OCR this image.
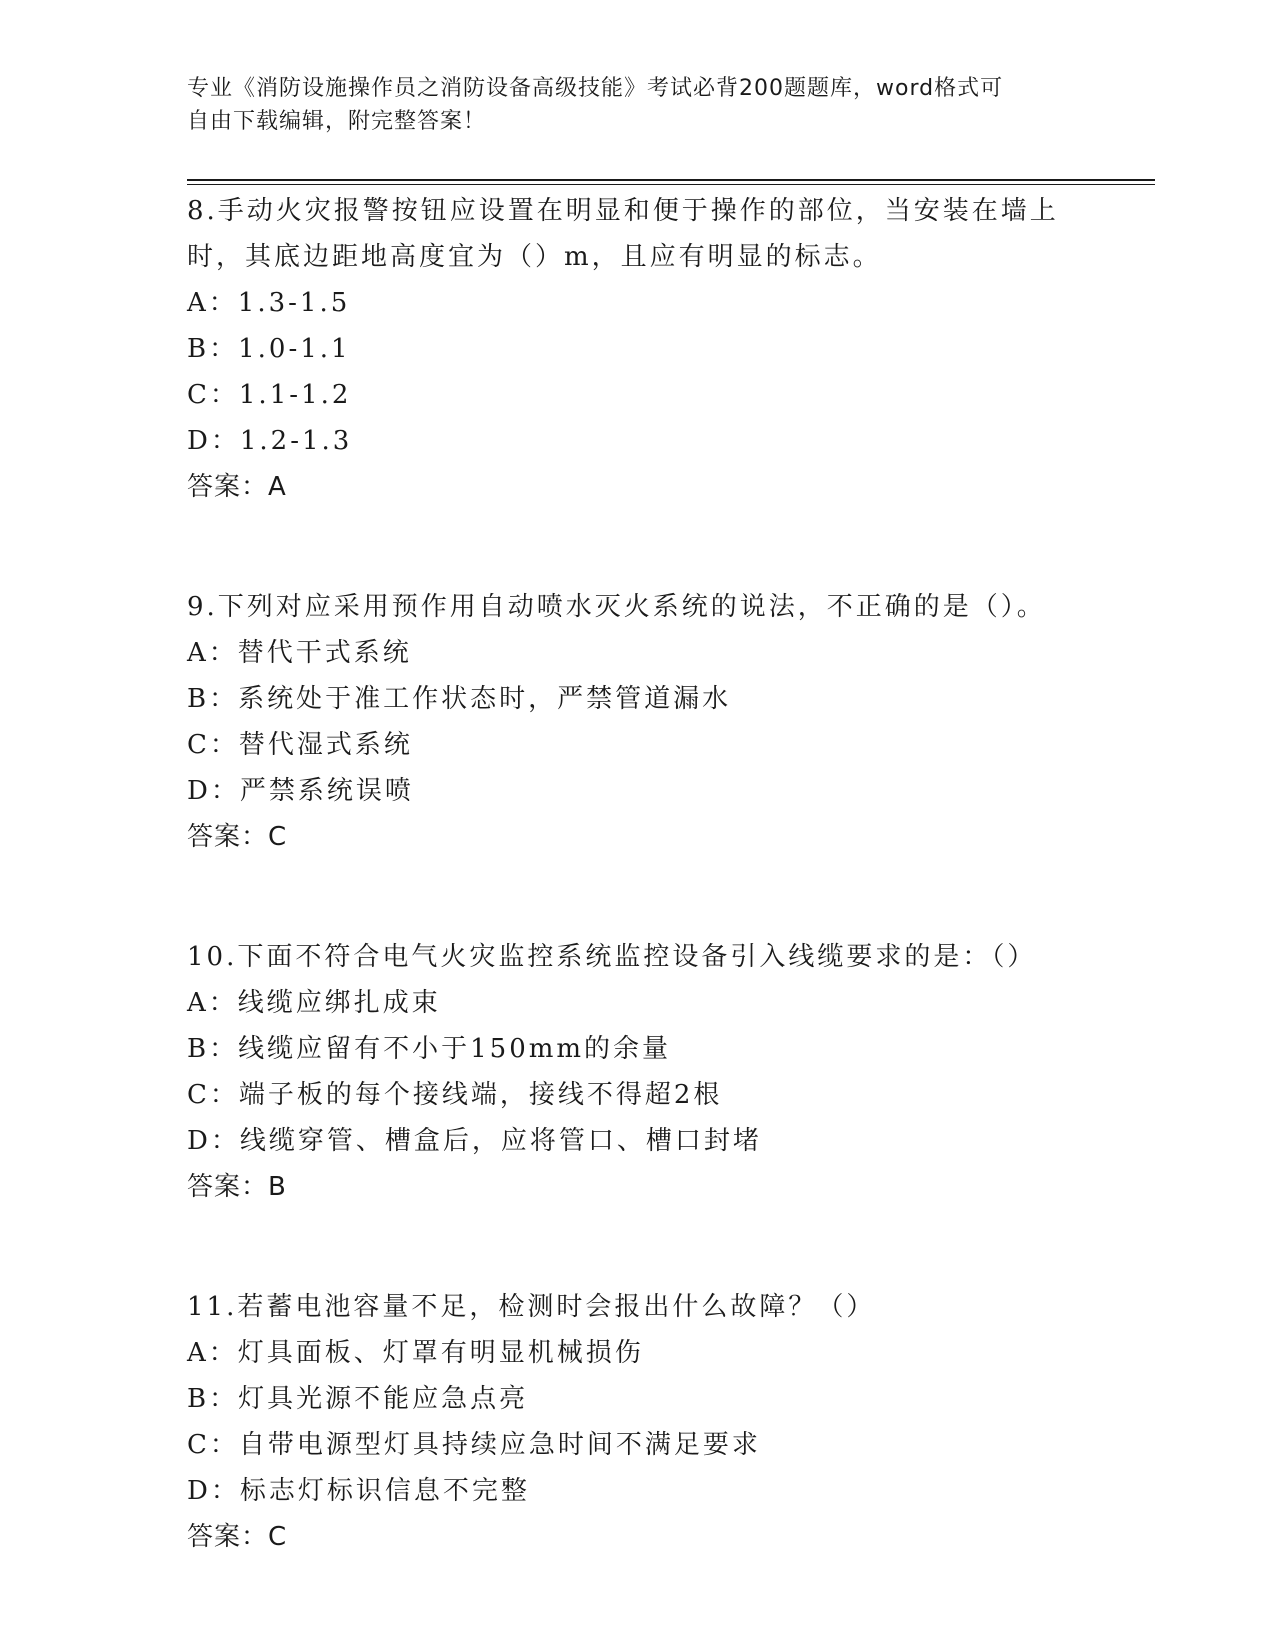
专业《消防设施操作员之消防设备高级技能》考试必背200题题库，word格式可
自由下载编辑，附完整答案！
8.手动火灾报警按钮应设置在明显和便于操作的部位，当安装在墙上
时，其底边距地高度宜为（）m，且应有明显的标志。
A：1.3-1.5
B：1.0-1.1
C：1.1-1.2
D：1.2-1.3
答案：A
9.下列对应采用预作用自动喷水灭火系统的说法，不正确的是（）。
A：替代干式系统
B：系统处于准工作状态时，严禁管道漏水
C：替代湿式系统
D：严禁系统误喷
答案：C
10.下面不符合电气火灾监控系统监控设备引入线缆要求的是：（）
A：线缆应绑扎成束
B：线缆应留有不小于150mm的余量
C：端子板的每个接线端，接线不得超2根
D：线缆穿管、槽盒后，应将管口、槽口封堵
答案：B
11.若蓄电池容量不足，检测时会报出什么故障？（）
A：灯具面板、灯罩有明显机械损伤
B：灯具光源不能应急点亮
C：自带电源型灯具持续应急时间不满足要求
D：标志灯标识信息不完整
答案：C
